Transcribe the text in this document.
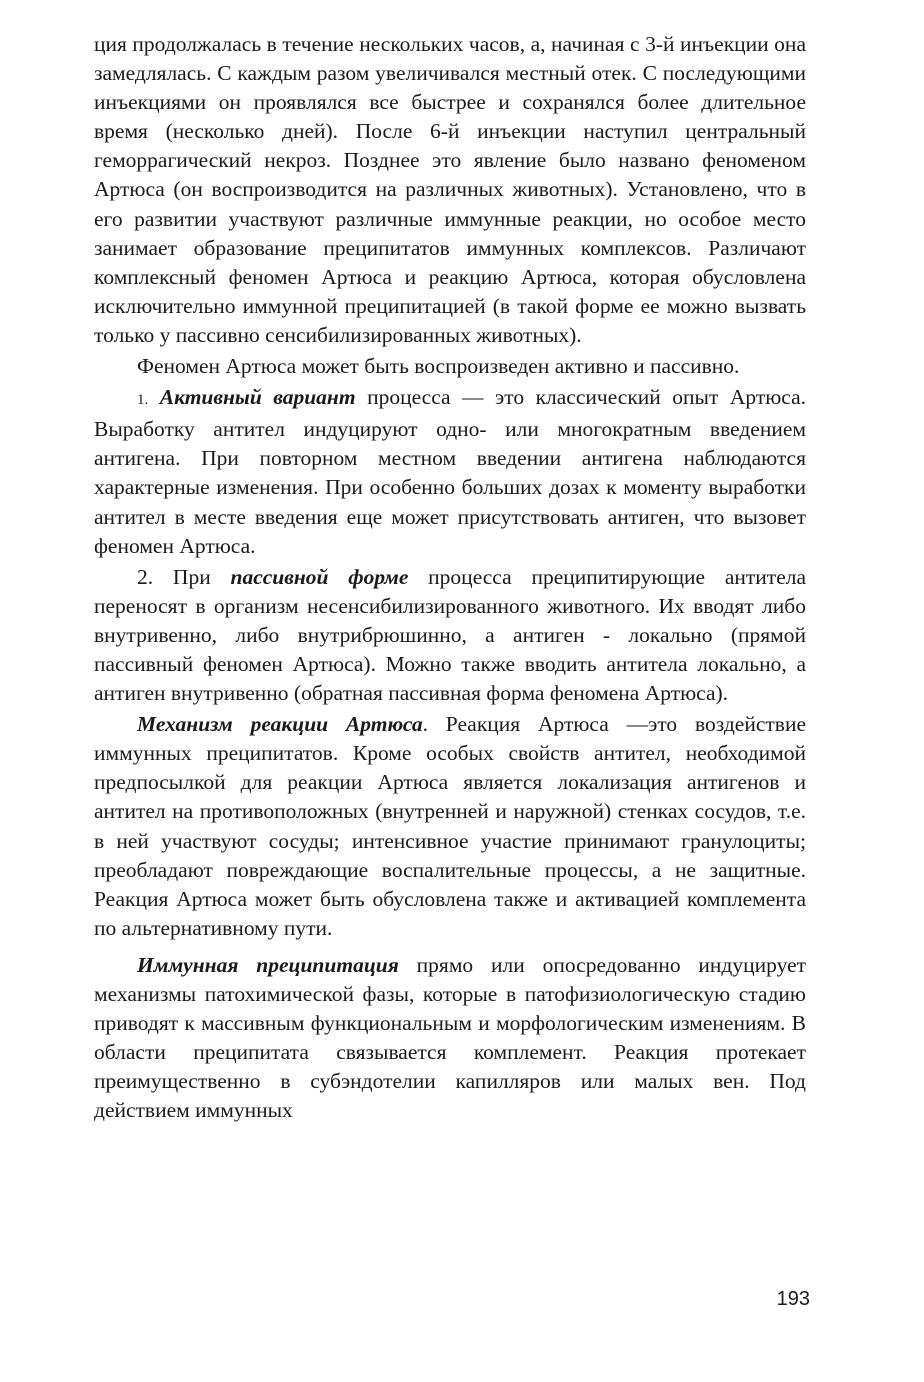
ция продолжалась в течение нескольких часов, а, начиная с 3-й инъекции она замедлялась. С каждым разом увеличивался местный отек. С последующими инъекциями он проявлялся все быстрее и сохранялся более длительное время (несколько дней). После 6-й инъекции наступил центральный геморрагический некроз. Позднее это явление было названо феноменом Артюса (он воспроизводится на различных животных). Установлено, что в его развитии участвуют различные иммунные реакции, но особое место занимает образование преципитатов иммунных комплексов. Различают комплексный феномен Артюса и реакцию Артюса, которая обусловлена исключительно иммунной преципитацией (в такой форме ее можно вызвать только у пассивно сенсибилизированных животных).

Феномен Артюса может быть воспроизведен активно и пассивно.

1. Активный вариант процесса — это классический опыт Артюса. Выработку антител индуцируют одно- или многократным введением антигена. При повторном местном введении антигена наблюдаются характерные изменения. При особенно больших дозах к моменту выработки антител в месте введения еще может присутствовать антиген, что вызовет феномен Артюса.

2. При пассивной форме процесса преципитирующие антитела переносят в организм несенсибилизированного животного. Их вводят либо внутривенно, либо внутрибрюшинно, а антиген - локально (прямой пассивный феномен Артюса). Можно также вводить антитела локально, а антиген внутривенно (обратная пассивная форма феномена Артюса).

Механизм реакции Артюса. Реакция Артюса —это воздействие иммунных преципитатов. Кроме особых свойств антител, необходимой предпосылкой для реакции Артюса является локализация антигенов и антител на противоположных (внутренней и наружной) стенках сосудов, т.е. в ней участвуют сосуды; интенсивное участие принимают гранулоциты; преобладают повреждающие воспалительные процессы, а не защитные. Реакция Артюса может быть обусловлена также и активацией комплемента по альтернативному пути.

Иммунная преципитация прямо или опосредованно индуцирует механизмы патохимической фазы, которые в патофизиологическую стадию приводят к массивным функциональным и морфологическим изменениям. В области преципитата связывается комплемент. Реакция протекает преимущественно в субэндотелии капилляров или малых вен. Под действием иммунных

193
